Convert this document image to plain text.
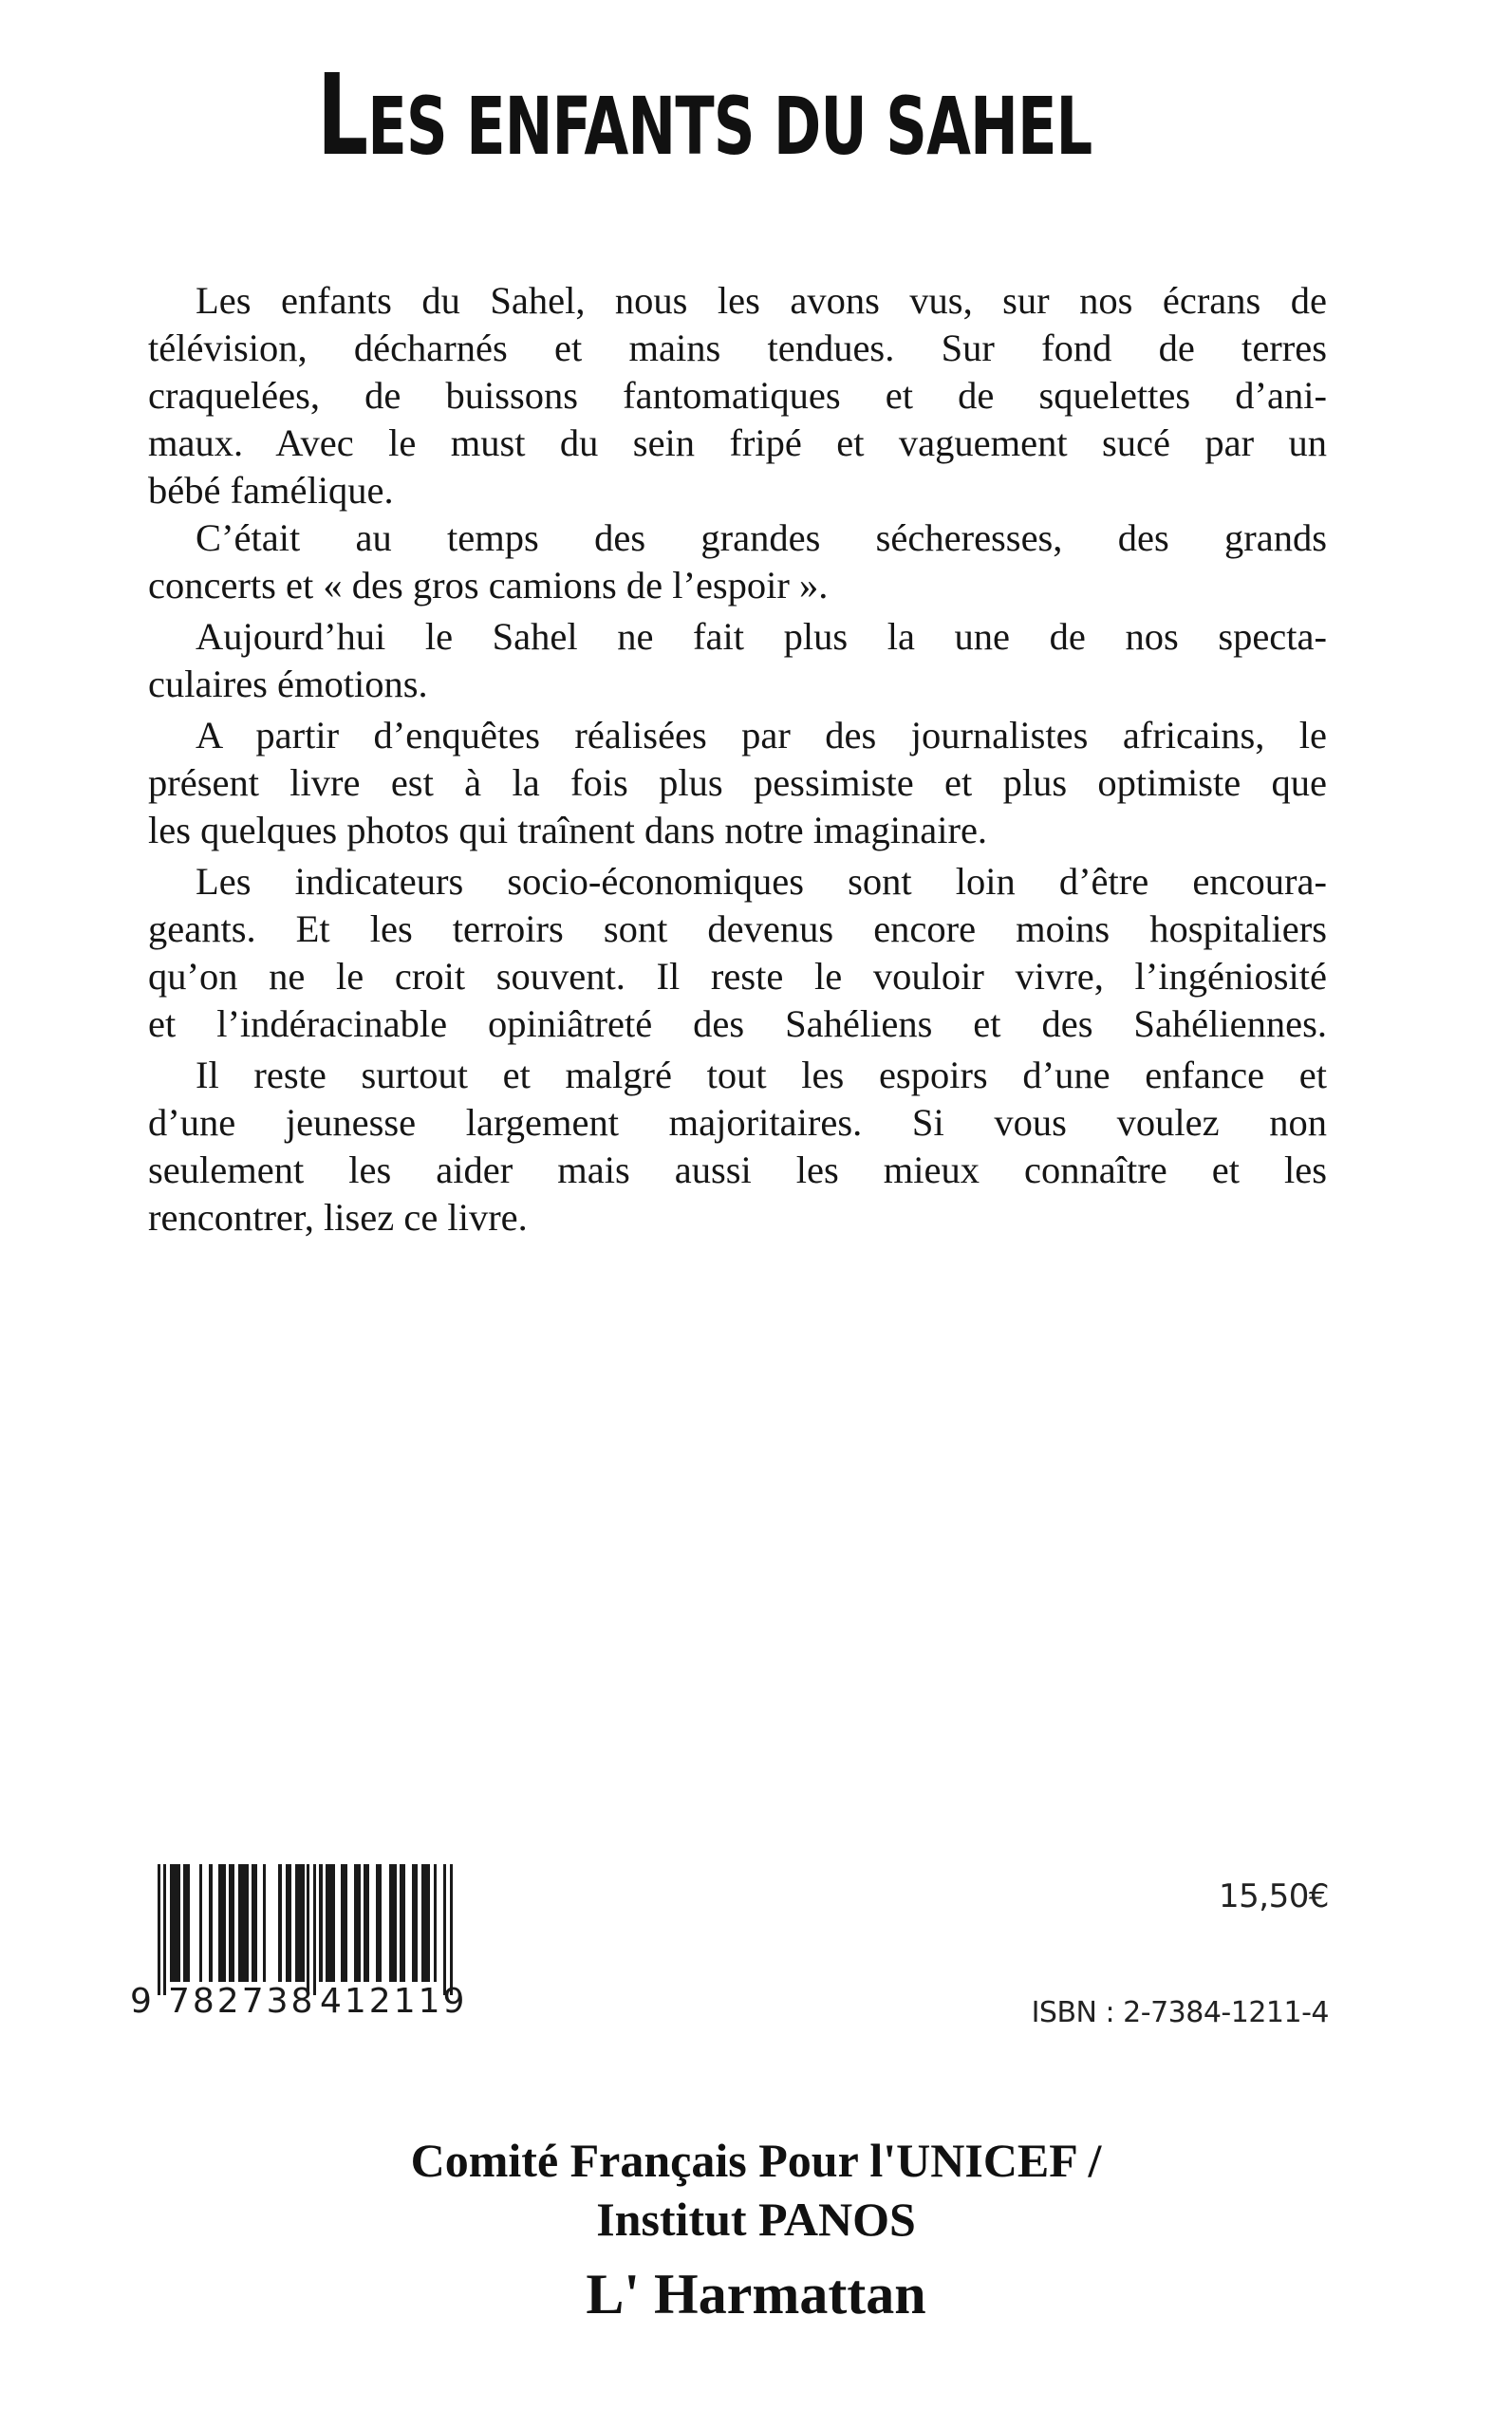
LES ENFANTS DU SAHEL
Les enfants du Sahel, nous les avons vus, sur nos écrans de
télévision, décharnés et mains tendues. Sur fond de terres
craquelées, de buissons fantomatiques et de squelettes d’ani-
maux. Avec le must du sein fripé et vaguement sucé par un
bébé famélique.
C’était au temps des grandes sécheresses, des grands
concerts et « des gros camions de l’espoir ».
Aujourd’hui le Sahel ne fait plus la une de nos specta-
culaires émotions.
A partir d’enquêtes réalisées par des journalistes africains, le
présent livre est à la fois plus pessimiste et plus optimiste que
les quelques photos qui traînent dans notre imaginaire.
Les indicateurs socio-économiques sont loin d’être encoura-
geants. Et les terroirs sont devenus encore moins hospitaliers
qu’on ne le croit souvent. Il reste le vouloir vivre, l’ingéniosité
et l’indéracinable opiniâtreté des Sahéliens et des Sahéliennes.
Il reste surtout et malgré tout les espoirs d’une enfance et
d’une jeunesse largement majoritaires. Si vous voulez non
seulement les aider mais aussi les mieux connaître et les
rencontrer, lisez ce livre.
9 782738 412119
15,50€
ISBN : 2-7384-1211-4
Comité Français Pour l'UNICEF /
Institut PANOS
L' Harmattan
